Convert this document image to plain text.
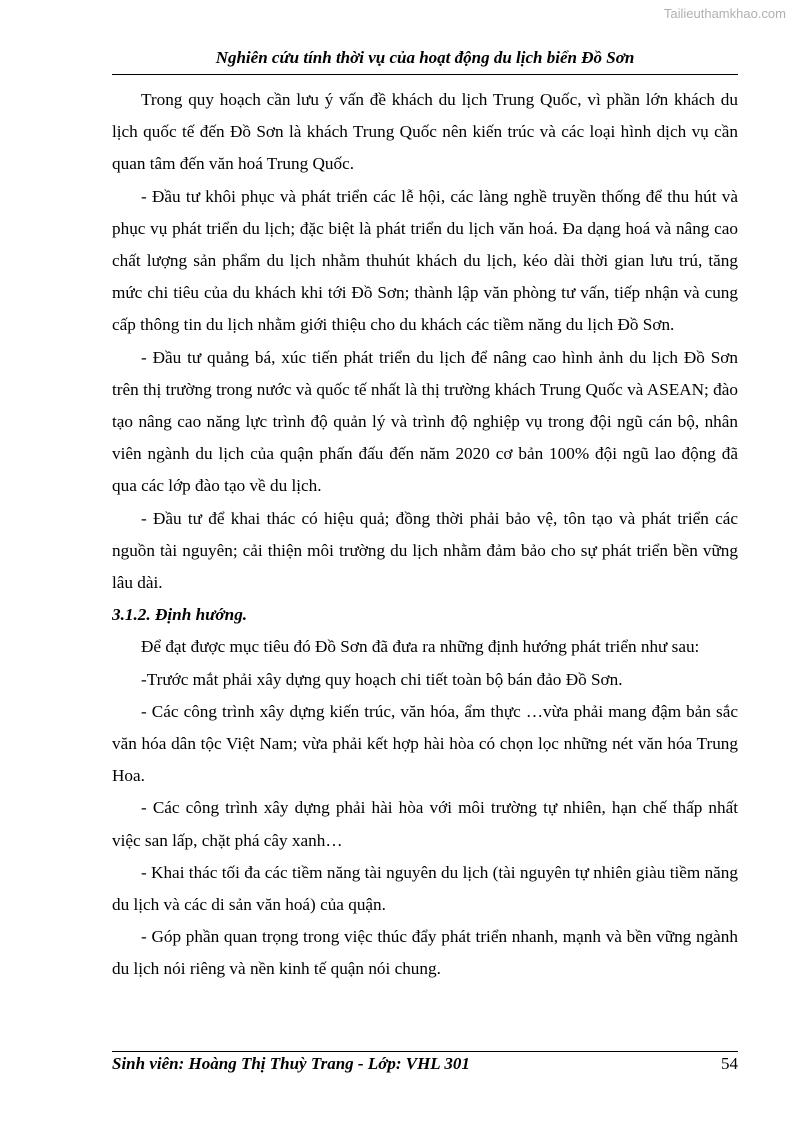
Tailieuthamkhao.com
Nghiên cứu tính thời vụ của hoạt động du lịch biển Đồ Sơn

Trong quy hoạch cần lưu ý vấn đề khách du lịch Trung Quốc, vì phần lớn khách du lịch quốc tế đến Đồ Sơn là khách Trung Quốc nên kiến trúc và các loại hình dịch vụ cần quan tâm đến văn hoá Trung Quốc.

- Đầu tư khôi phục và phát triển các lễ hội, các làng nghề truyền thống để thu hút và phục vụ phát triển du lịch; đặc biệt là phát triển du lịch văn hoá. Đa dạng hoá và nâng cao chất lượng sản phẩm du lịch nhằm thuhút khách du lịch, kéo dài thời gian lưu trú, tăng mức chi tiêu của du khách khi tới Đồ Sơn; thành lập văn phòng tư vấn, tiếp nhận và cung cấp thông tin du lịch nhằm giới thiệu cho du khách các tiềm năng du lịch Đồ Sơn.

- Đầu tư quảng bá, xúc tiến phát triển du lịch để nâng cao hình ảnh du lịch Đồ Sơn trên thị trường trong nước và quốc tế nhất là thị trường khách Trung Quốc và ASEAN; đào tạo nâng cao năng lực trình độ quản lý và trình độ nghiệp vụ trong đội ngũ cán bộ, nhân viên ngành du lịch của quận phấn đấu đến năm 2020 cơ bản 100% đội ngũ lao động đã qua các lớp đào tạo về du lịch.

- Đầu tư để khai thác có hiệu quả; đồng thời phải bảo vệ, tôn tạo và phát triển các nguồn tài nguyên; cải thiện môi trường du lịch nhằm đảm bảo cho sự phát triển bền vững lâu dài.

3.1.2. Định hướng.

Để đạt được mục tiêu đó Đồ Sơn đã đưa ra những định hướng phát triển như sau:

-Trước mắt phải xây dựng quy hoạch chi tiết toàn bộ bán đảo Đồ Sơn.

- Các công trình xây dựng kiến trúc, văn hóa, ẩm thực …vừa phải mang đậm bản sắc văn hóa dân tộc Việt Nam; vừa phải kết hợp hài hòa có chọn lọc những nét văn hóa Trung Hoa.

- Các công trình xây dựng phải hài hòa với môi trường tự nhiên, hạn chế thấp nhất việc san lấp, chặt phá cây xanh…

- Khai thác tối đa các tiềm năng tài nguyên du lịch (tài nguyên tự nhiên giàu tiềm năng du lịch và các di sản văn hoá) của quận.

- Góp phần quan trọng trong việc thúc đẩy phát triển nhanh, mạnh và bền vững ngành du lịch nói riêng và nền kinh tế quận nói chung.

Sinh viên: Hoàng Thị Thuỳ Trang - Lớp: VHL 301	54
